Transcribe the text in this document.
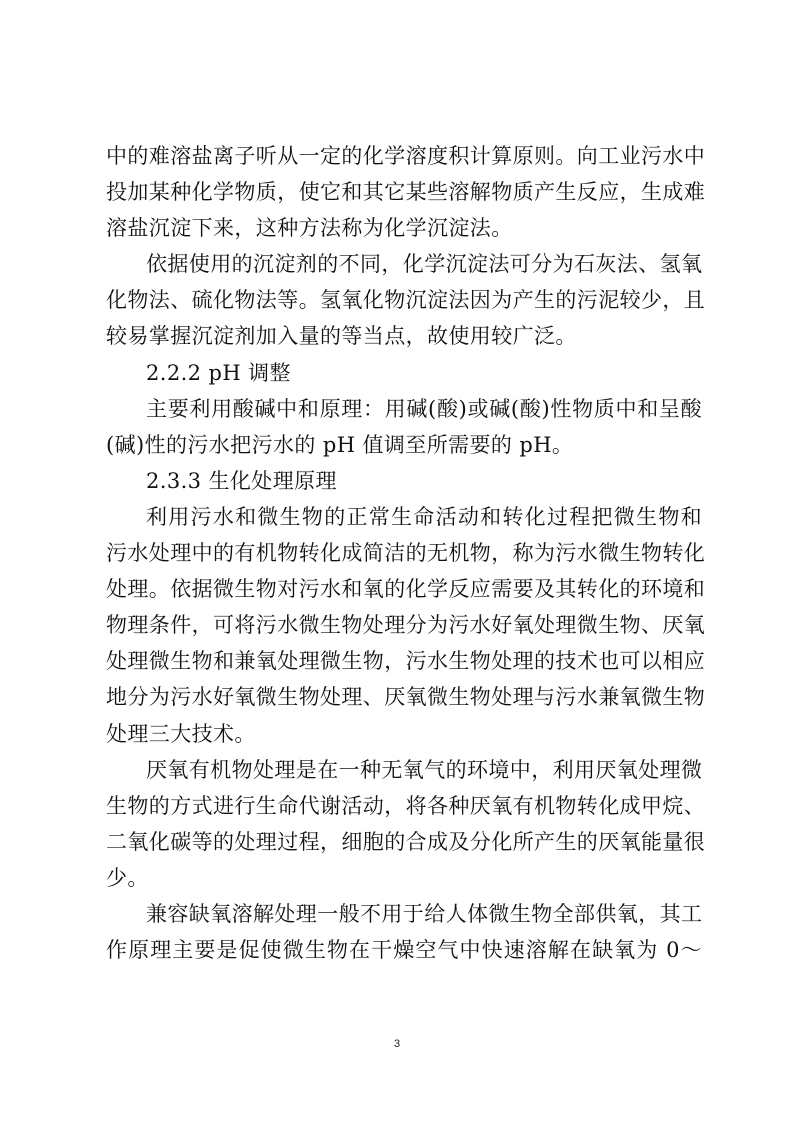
中的难溶盐离子听从一定的化学溶度积计算原则。向工业污水中
投加某种化学物质，使它和其它某些溶解物质产生反应，生成难
溶盐沉淀下来，这种方法称为化学沉淀法。
依据使用的沉淀剂的不同，化学沉淀法可分为石灰法、氢氧
化物法、硫化物法等。氢氧化物沉淀法因为产生的污泥较少，且
较易掌握沉淀剂加入量的等当点，故使用较广泛。
2.2.2 pH 调整
主要利用酸碱中和原理：用碱(酸)或碱(酸)性物质中和呈酸
(碱)性的污水把污水的 pH 值调至所需要的 pH。
2.3.3 生化处理原理
利用污水和微生物的正常生命活动和转化过程把微生物和
污水处理中的有机物转化成简洁的无机物，称为污水微生物转化
处理。依据微生物对污水和氧的化学反应需要及其转化的环境和
物理条件，可将污水微生物处理分为污水好氧处理微生物、厌氧
处理微生物和兼氧处理微生物，污水生物处理的技术也可以相应
地分为污水好氧微生物处理、厌氧微生物处理与污水兼氧微生物
处理三大技术。
厌氧有机物处理是在一种无氧气的环境中，利用厌氧处理微
生物的方式进行生命代谢活动，将各种厌氧有机物转化成甲烷、
二氧化碳等的处理过程，细胞的合成及分化所产生的厌氧能量很
少。
兼容缺氧溶解处理一般不用于给人体微生物全部供氧，其工
作原理主要是促使微生物在干燥空气中快速溶解在缺氧为 0～
3
